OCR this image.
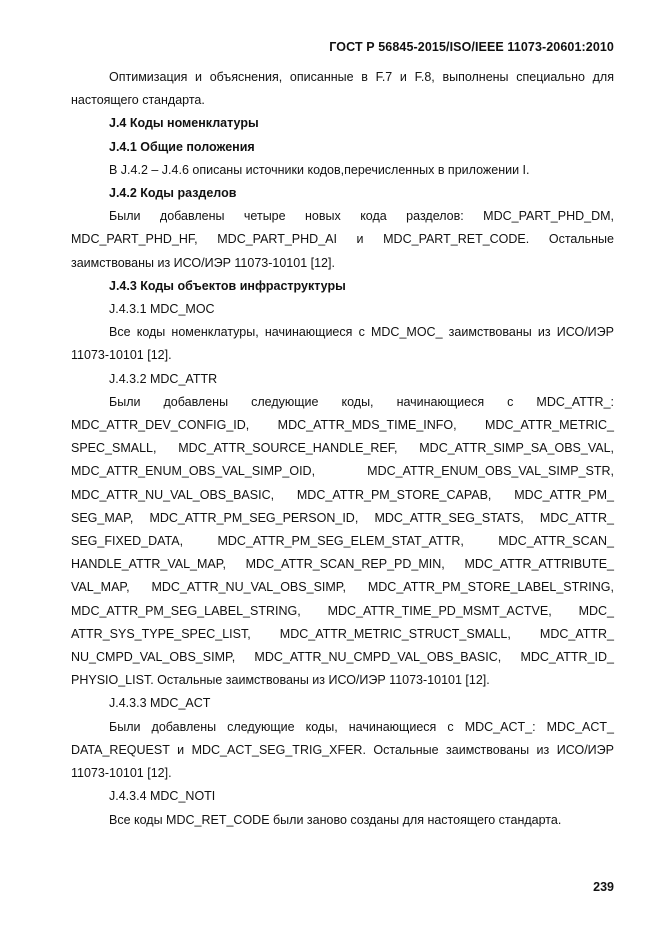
ГОСТ Р 56845-2015/ISO/IEEE 11073-20601:2010

Оптимизация и объяснения, описанные в F.7 и F.8, выполнены специально для настоящего стандарта.

J.4 Коды номенклатуры

J.4.1 Общие положения

В J.4.2 – J.4.6 описаны источники кодов,перечисленных в приложении I.

J.4.2 Коды разделов

Были добавлены четыре новых кода разделов: MDC_PART_PHD_DM, MDC_PART_PHD_HF, MDC_PART_PHD_AI и MDC_PART_RET_CODE. Остальные заимствованы из ИСО/ИЭР 11073-10101 [12].

J.4.3 Коды объектов инфраструктуры

J.4.3.1 MDC_MOC

Все коды номенклатуры, начинающиеся с MDC_MOC_ заимствованы из ИСО/ИЭР 11073-10101 [12].

J.4.3.2 MDC_ATTR

Были добавлены следующие коды, начинающиеся с MDC_ATTR_: MDC_ATTR_DEV_CONFIG_ID, MDC_ATTR_MDS_TIME_INFO, MDC_ATTR_METRIC_ SPEC_SMALL, MDC_ATTR_SOURCE_HANDLE_REF, MDC_ATTR_SIMP_SA_OBS_VAL, MDC_ATTR_ENUM_OBS_VAL_SIMP_OID, MDC_ATTR_ENUM_OBS_VAL_SIMP_STR, MDC_ATTR_NU_VAL_OBS_BASIC, MDC_ATTR_PM_STORE_CAPAB, MDC_ATTR_PM_ SEG_MAP, MDC_ATTR_PM_SEG_PERSON_ID, MDC_ATTR_SEG_STATS, MDC_ATTR_ SEG_FIXED_DATA, MDC_ATTR_PM_SEG_ELEM_STAT_ATTR, MDC_ATTR_SCAN_ HANDLE_ATTR_VAL_MAP, MDC_ATTR_SCAN_REP_PD_MIN, MDC_ATTR_ATTRIBUTE_ VAL_MAP, MDC_ATTR_NU_VAL_OBS_SIMP, MDC_ATTR_PM_STORE_LABEL_STRING, MDC_ATTR_PM_SEG_LABEL_STRING, MDC_ATTR_TIME_PD_MSMT_ACTVE, MDC_ ATTR_SYS_TYPE_SPEC_LIST, MDC_ATTR_METRIC_STRUCT_SMALL, MDC_ATTR_ NU_CMPD_VAL_OBS_SIMP, MDC_ATTR_NU_CMPD_VAL_OBS_BASIC, MDC_ATTR_ID_ PHYSIO_LIST. Остальные заимствованы из ИСО/ИЭР 11073-10101 [12].

J.4.3.3 MDC_ACT

Были добавлены следующие коды, начинающиеся с MDC_ACT_: MDC_ACT_ DATA_REQUEST и MDC_ACT_SEG_TRIG_XFER. Остальные заимствованы из ИСО/ИЭР 11073-10101 [12].

J.4.3.4 MDC_NOTI

Все коды MDC_RET_CODE были заново созданы для настоящего стандарта.

239
